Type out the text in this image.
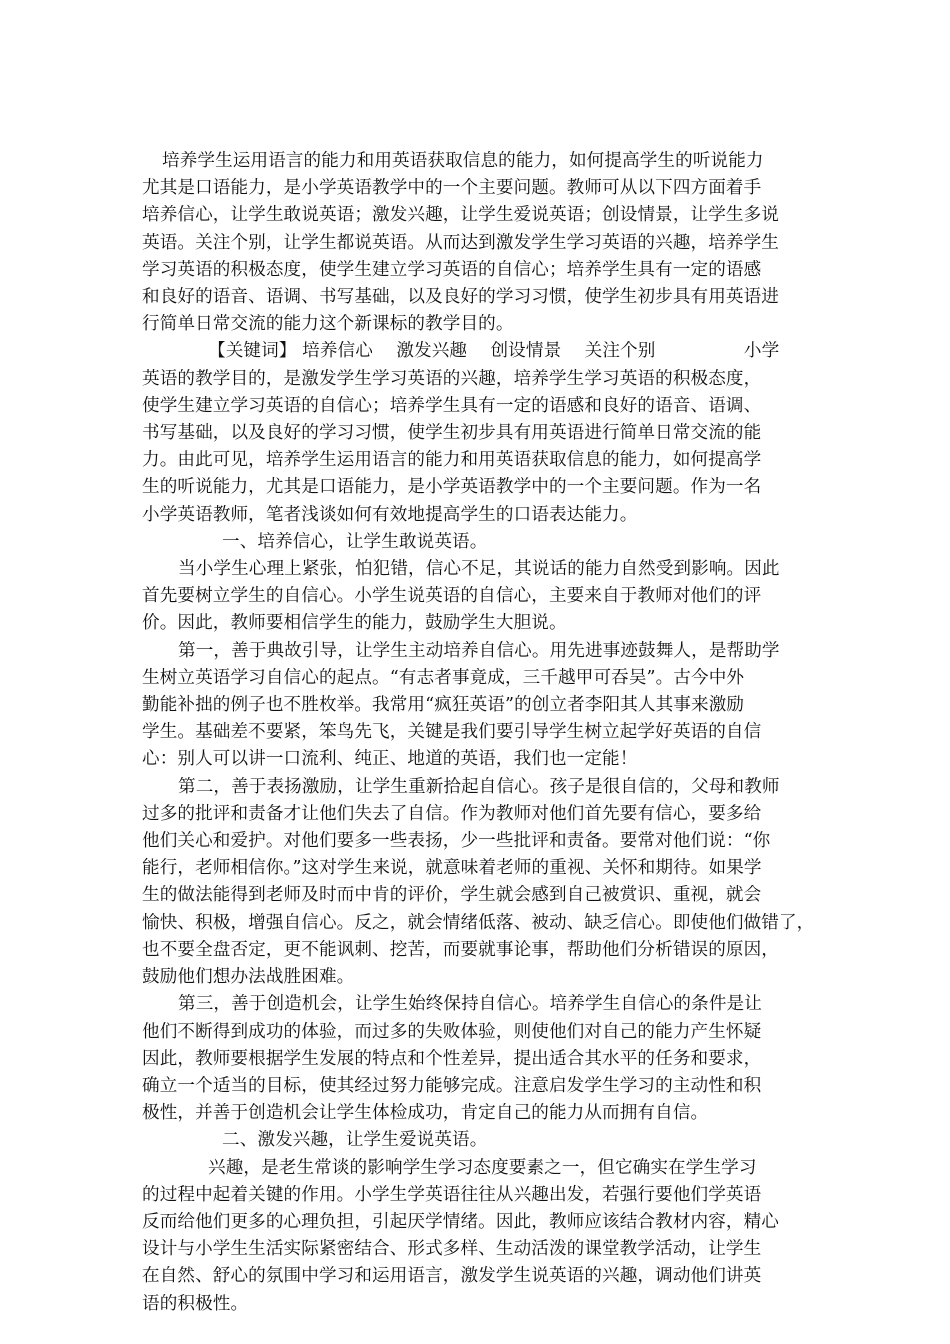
培养学生运用语言的能力和用英语获取信息的能力，如何提高学生的听说能力
尤其是口语能力，是小学英语教学中的一个主要问题。教师可从以下四方面着手
培养信心，让学生敢说英语；激发兴趣，让学生爱说英语；创设情景，让学生多说
英语。关注个别，让学生都说英语。从而达到激发学生学习英语的兴趣，培养学生
学习英语的积极态度，使学生建立学习英语的自信心；培养学生具有一定的语感
和良好的语音、语调、书写基础，以及良好的学习习惯，使学生初步具有用英语进
行简单日常交流的能力这个新课标的教学目的。

【关键词】 培养信心　 激发兴趣　 创设情景　 关注个别　　　　　小学
英语的教学目的，是激发学生学习英语的兴趣，培养学生学习英语的积极态度，
使学生建立学习英语的自信心；培养学生具有一定的语感和良好的语音、语调、
书写基础，以及良好的学习习惯，使学生初步具有用英语进行简单日常交流的能
力。由此可见，培养学生运用语言的能力和用英语获取信息的能力，如何提高学
生的听说能力，尤其是口语能力，是小学英语教学中的一个主要问题。作为一名
小学英语教师，笔者浅谈如何有效地提高学生的口语表达能力。

一、培养信心，让学生敢说英语。

当小学生心理上紧张，怕犯错，信心不足，其说话的能力自然受到影响。因此
首先要树立学生的自信心。小学生说英语的自信心，主要来自于教师对他们的评
价。因此，教师要相信学生的能力，鼓励学生大胆说。

第一，善于典故引导，让学生主动培养自信心。用先进事迹鼓舞人，是帮助学
生树立英语学习自信心的起点。“有志者事竟成，三千越甲可吞吴”。古今中外
勤能补拙的例子也不胜枚举。我常用“疯狂英语”的创立者李阳其人其事来激励
学生。基础差不要紧，笨鸟先飞，关键是我们要引导学生树立起学好英语的自信
心：别人可以讲一口流利、纯正、地道的英语，我们也一定能！

第二，善于表扬激励，让学生重新拾起自信心。孩子是很自信的，父母和教师
过多的批评和责备才让他们失去了自信。作为教师对他们首先要有信心，要多给
他们关心和爱护。对他们要多一些表扬，少一些批评和责备。要常对他们说：“你
能行，老师相信你。”这对学生来说，就意味着老师的重视、关怀和期待。如果学
生的做法能得到老师及时而中肯的评价，学生就会感到自己被赏识、重视，就会
愉快、积极，增强自信心。反之，就会情绪低落、被动、缺乏信心。即使他们做错了，
也不要全盘否定，更不能讽刺、挖苦，而要就事论事，帮助他们分析错误的原因，
鼓励他们想办法战胜困难。

第三，善于创造机会，让学生始终保持自信心。培养学生自信心的条件是让
他们不断得到成功的体验，而过多的失败体验，则使他们对自己的能力产生怀疑
因此，教师要根据学生发展的特点和个性差异，提出适合其水平的任务和要求，
确立一个适当的目标，使其经过努力能够完成。注意启发学生学习的主动性和积
极性，并善于创造机会让学生体检成功，肯定自己的能力从而拥有自信。

二、激发兴趣，让学生爱说英语。

兴趣，是老生常谈的影响学生学习态度要素之一，但它确实在学生学习
的过程中起着关键的作用。小学生学英语往往从兴趣出发，若强行要他们学英语
反而给他们更多的心理负担，引起厌学情绪。因此，教师应该结合教材内容，精心
设计与小学生生活实际紧密结合、形式多样、生动活泼的课堂教学活动，让学生
在自然、舒心的氛围中学习和运用语言，激发学生说英语的兴趣，调动他们讲英
语的积极性。
